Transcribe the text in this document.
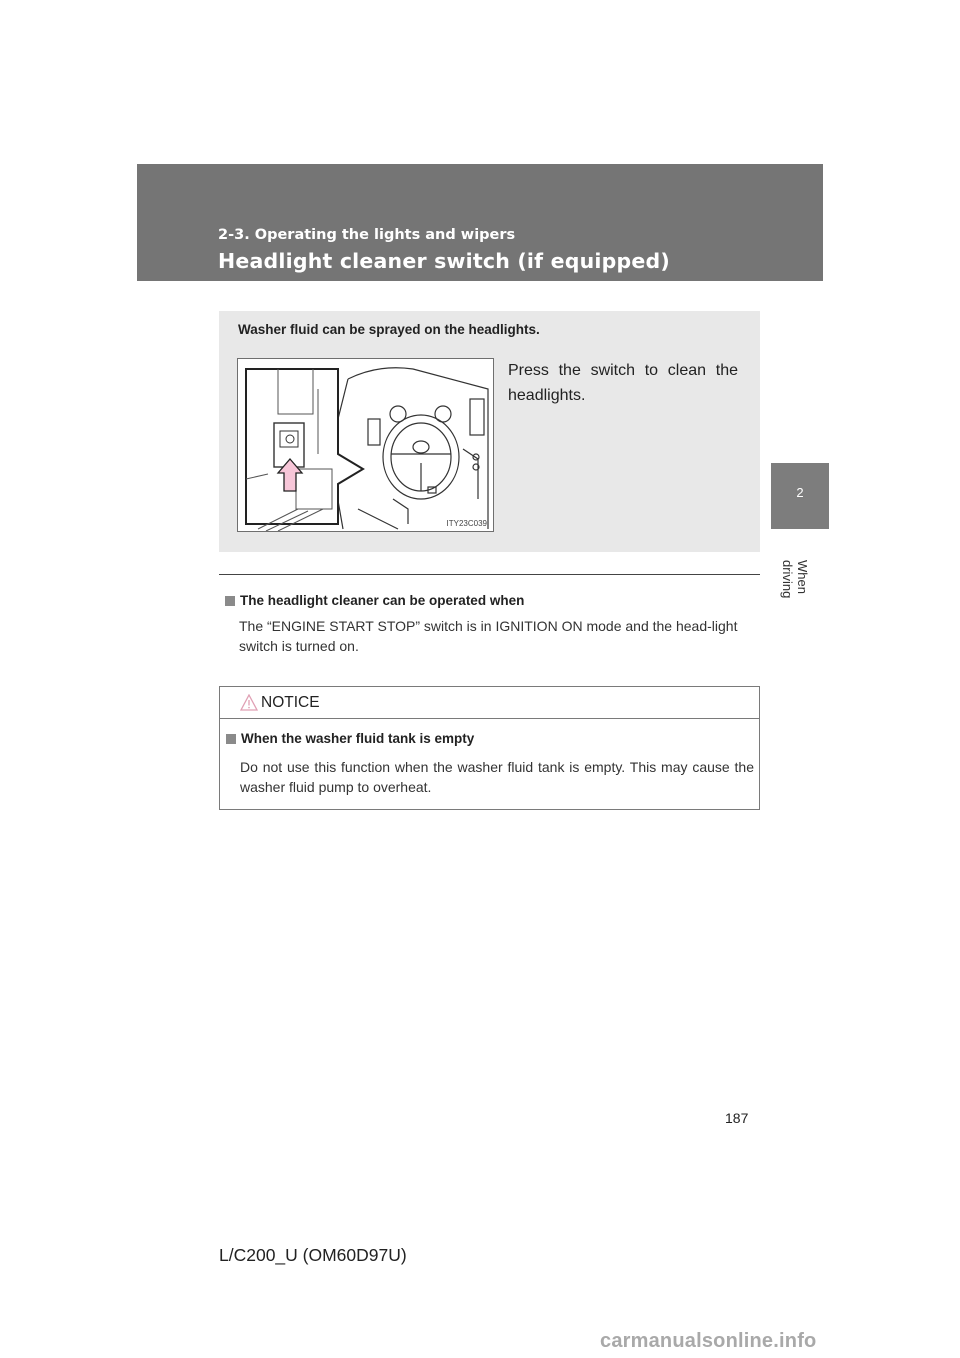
2-3. Operating the lights and wipers

Headlight cleaner switch (if equipped)
2
When driving

Washer fluid can be sprayed on the headlights.

ITY23C039

Press the switch to clean the headlights.

The headlight cleaner can be operated when

The “ENGINE START STOP” switch is in IGNITION ON mode and the head-light switch is turned on.

NOTICE

When the washer fluid tank is empty

Do not use this function when the washer fluid tank is empty. This may cause the washer fluid pump to overheat.

187
L/C200_U (OM60D97U)
carmanualsonline.info
